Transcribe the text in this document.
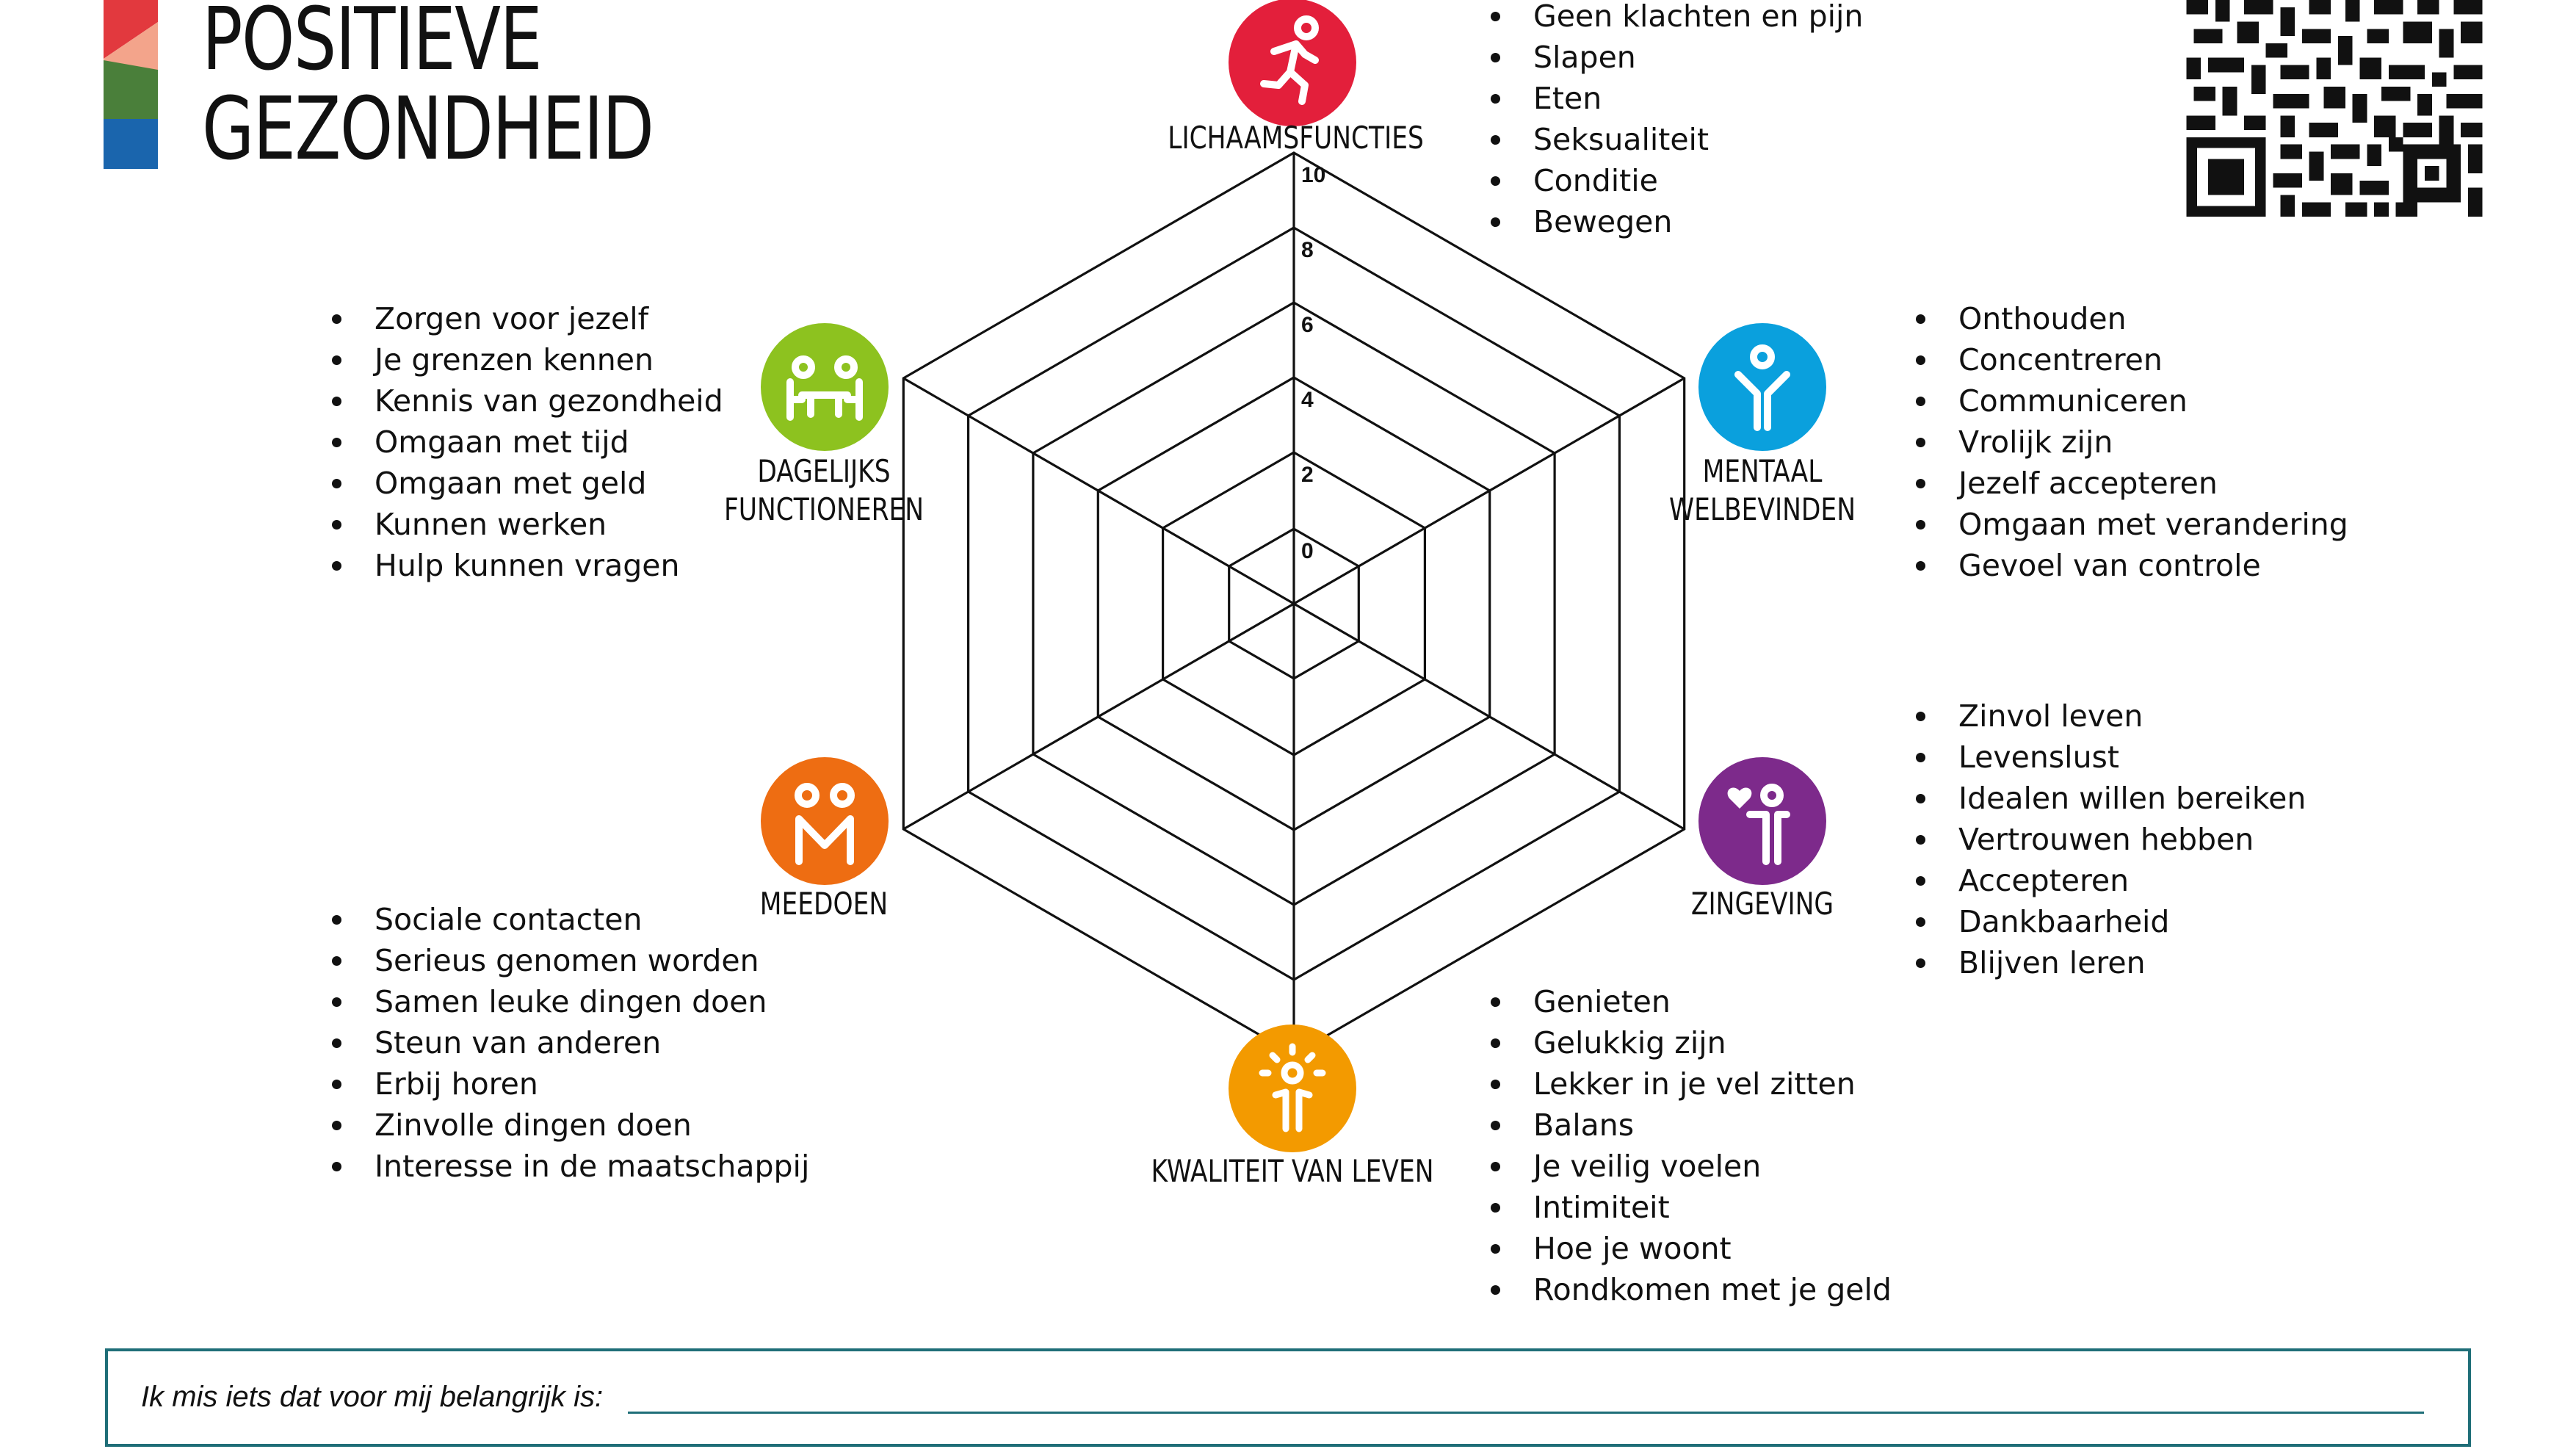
POSITIEVE
GEZONDHEID
0
2
4
6
8
10
LICHAAMSFUNCTIES
Geen klachten en pijn
Slapen
Eten
Seksualiteit
Conditie
Bewegen
MENTAAL
WELBEVINDEN
Onthouden
Concentreren
Communiceren
Vrolijk zijn
Jezelf accepteren
Omgaan met verandering
Gevoel van controle
ZINGEVING
Zinvol leven
Levenslust
Idealen willen bereiken
Vertrouwen hebben
Accepteren
Dankbaarheid
Blijven leren
KWALITEIT VAN LEVEN
Genieten
Gelukkig zijn
Lekker in je vel zitten
Balans
Je veilig voelen
Intimiteit
Hoe je woont
Rondkomen met je geld
MEEDOEN
Sociale contacten
Serieus genomen worden
Samen leuke dingen doen
Steun van anderen
Erbij horen
Zinvolle dingen doen
Interesse in de maatschappij
DAGELIJKS
FUNCTIONEREN
Zorgen voor jezelf
Je grenzen kennen
Kennis van gezondheid
Omgaan met tijd
Omgaan met geld
Kunnen werken
Hulp kunnen vragen
Ik mis iets dat voor mij belangrijk is:
